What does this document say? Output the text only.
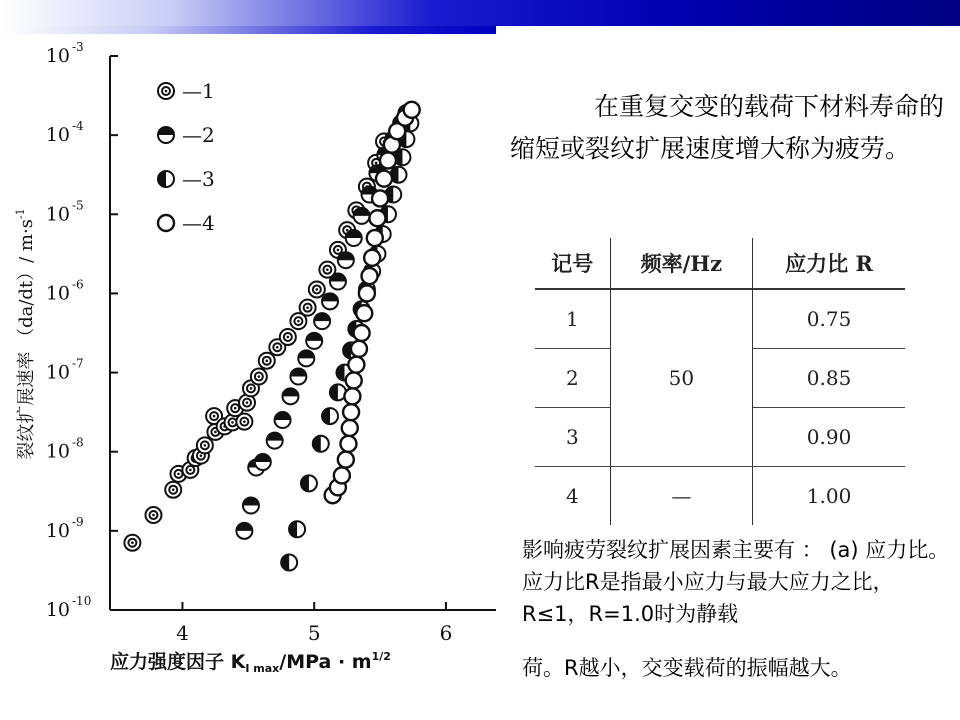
10 -10
10 -9
10 -8
10 -7
10 -6
10 -5
10 -4
10 -3
4	5	6
应力强度因子 $K_{I max}$/MPa · $m^{1/2}$
裂纹扩展速率 （da/dt）/ $m\cdot s^{-1}$
—1
—2
—3
—4

在重复交变的载荷下材料寿命的缩短或裂纹扩展速度增大称为疲劳。

记号	频率/Hz	应力比 R
1	50	0.75
2		0.85
3		0.90
4	—	1.00

影响疲劳裂纹扩展因素主要有 ： (a) 应力比。应力比R是指最小应力与最大应力之比，R≤1，R=1.0时为静载

荷。R越小，交变载荷的振幅越大。
